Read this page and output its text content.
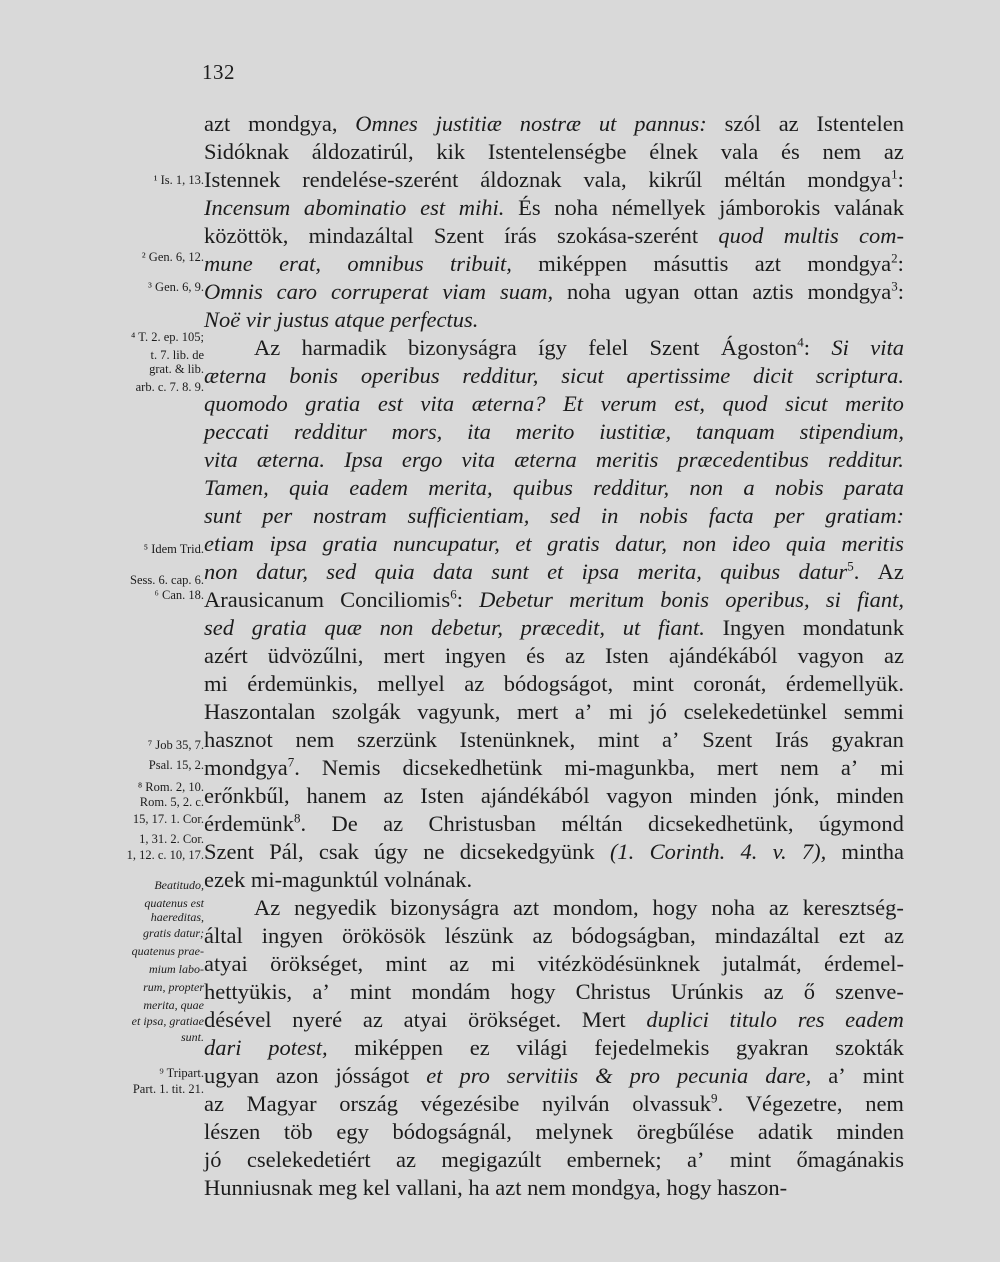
132
azt mondgya, Omnes justitiæ nostræ ut pannus: szól az Istentelen
Sidóknak áldozatirúl, kik Istentelenségbe élnek vala és nem az
Istennek rendelése-szerént áldoznak vala, kikrűl méltán mondgya$^1$:
Incensum abominatio est mihi. És noha némellyek jámborokis valának
közöttök, mindazáltal Szent írás szokása-szerént quod multis com-
mune erat, omnibus tribuit, miképpen másuttis azt mondgya$^2$:
Omnis caro corruperat viam suam, noha ugyan ottan aztis mondgya$^3$:
Noë vir justus atque perfectus.
Az harmadik bizonyságra így felel Szent Ágoston$^4$: Si vita
æterna bonis operibus redditur, sicut apertissime dicit scriptura.
quomodo gratia est vita æterna? Et verum est, quod sicut merito
peccati redditur mors, ita merito iustitiæ, tanquam stipendium,
vita æterna. Ipsa ergo vita æterna meritis præcedentibus redditur.
Tamen, quia eadem merita, quibus redditur, non a nobis parata
sunt per nostram sufficientiam, sed in nobis facta per gratiam:
etiam ipsa gratia nuncupatur, et gratis datur, non ideo quia meritis
non datur, sed quia data sunt et ipsa merita, quibus datur$^5$. Az
Arausicanum Conciliomis$^6$: Debetur meritum bonis operibus, si fiant,
sed gratia quæ non debetur, præcedit, ut fiant. Ingyen mondatunk
azért üdvözűlni, mert ingyen és az Isten ajándékából vagyon az
mi érdemünkis, mellyel az bódogságot, mint coronát, érdemellyük.
Haszontalan szolgák vagyunk, mert a’ mi jó cselekedetünkel semmi
hasznot nem szerzünk Istenünknek, mint a’ Szent Irás gyakran
mondgya$^7$. Nemis dicsekedhetünk mi-magunkba, mert nem a’ mi
erőnkbűl, hanem az Isten ajándékából vagyon minden jónk, minden
érdemünk$^8$. De az Christusban méltán dicsekedhetünk, úgymond
Szent Pál, csak úgy ne dicsekedgyünk (1. Corinth. 4. v. 7), mintha
ezek mi-magunktúl volnának.
Az negyedik bizonyságra azt mondom, hogy noha az keresztség-
által ingyen örökösök lészünk az bódogságban, mindazáltal ezt az
atyai örökséget, mint az mi vitézködésünknek jutalmát, érdemel-
hettyükis, a’ mint mondám hogy Christus Urúnkis az ő szenve-
désével nyeré az atyai örökséget. Mert duplici titulo res eadem
dari potest, miképpen ez világi fejedelmekis gyakran szokták
ugyan azon jósságot et pro servitiis & pro pecunia dare, a’ mint
az Magyar ország végezésibe nyilván olvassuk$^9$. Végezetre, nem
lészen töb egy bódogságnál, melynek öregbűlése adatik minden
jó cselekedetiért az megigazúlt embernek; a’ mint őmagánakis
Hunniusnak meg kel vallani, ha azt nem mondgya, hogy haszon-
¹ Is. 1, 13.
² Gen. 6, 12.
³ Gen. 6, 9.
⁴ T. 2. ep. 105;
t. 7. lib. de
grat. & lib.
arb. c. 7. 8. 9.
⁵ Idem Trid.
Sess. 6. cap. 6.
⁶ Can. 18.
⁷ Job 35, 7.
Psal. 15, 2.
⁸ Rom. 2, 10.
Rom. 5, 2. c.
15, 17. 1. Cor.
1, 31. 2. Cor.
1, 12. c. 10, 17.
Beatitudo,
quatenus est
haereditas,
gratis datur;
quatenus prae-
mium labo-
rum, propter
merita, quae
et ipsa, gratiae
sunt.
⁹ Tripart.
Part. 1. tit. 21.
